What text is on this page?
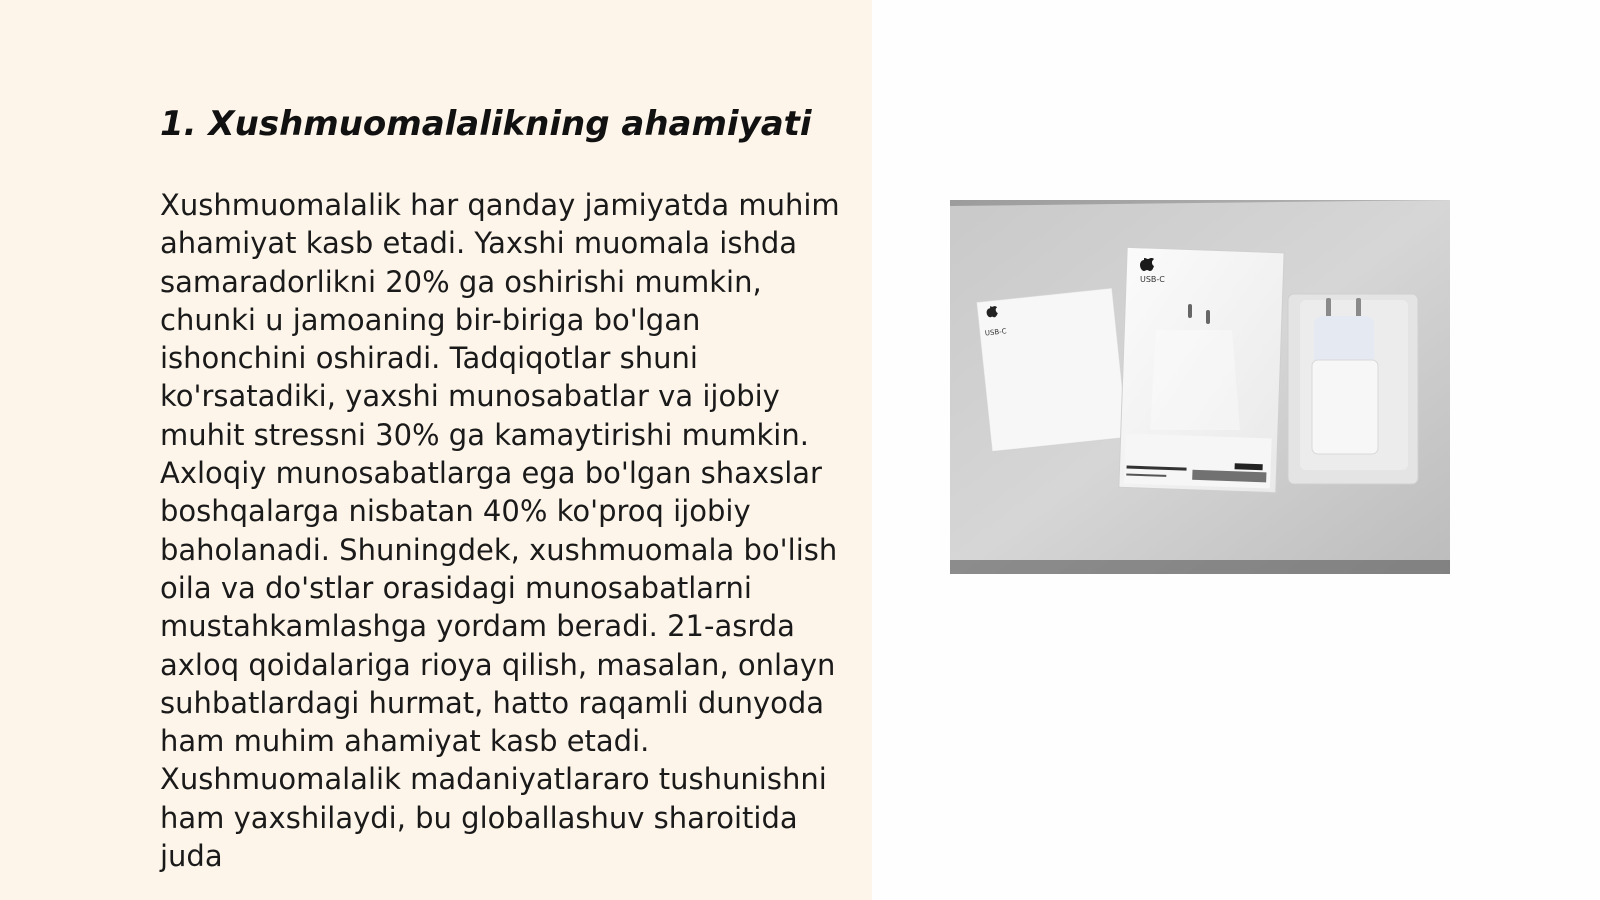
1. Xushmuomalalikning ahamiyati

Xushmuomalalik har qanday jamiyatda muhim ahamiyat kasb etadi. Yaxshi muomala ishda samaradorlikni 20% ga oshirishi mumkin, chunki u jamoaning bir-biriga bo'lgan ishonchini oshiradi. Tadqiqotlar shuni ko'rsatadiki, yaxshi munosabatlar va ijobiy muhit stressni 30% ga kamaytirishi mumkin. Axloqiy munosabatlarga ega bo'lgan shaxslar boshqalarga nisbatan 40% ko'proq ijobiy baholanadi. Shuningdek, xushmuomala bo'lish oila va do'stlar orasidagi munosabatlarni mustahkamlashga yordam beradi. 21-asrda axloq qoidalariga rioya qilish, masalan, onlayn suhbatlardagi hurmat, hatto raqamli dunyoda ham muhim ahamiyat kasb etadi. Xushmuomalalik madaniyatlararo tushunishni ham yaxshilaydi, bu globallashuv sharoitida juda

USB-C
USB-C
